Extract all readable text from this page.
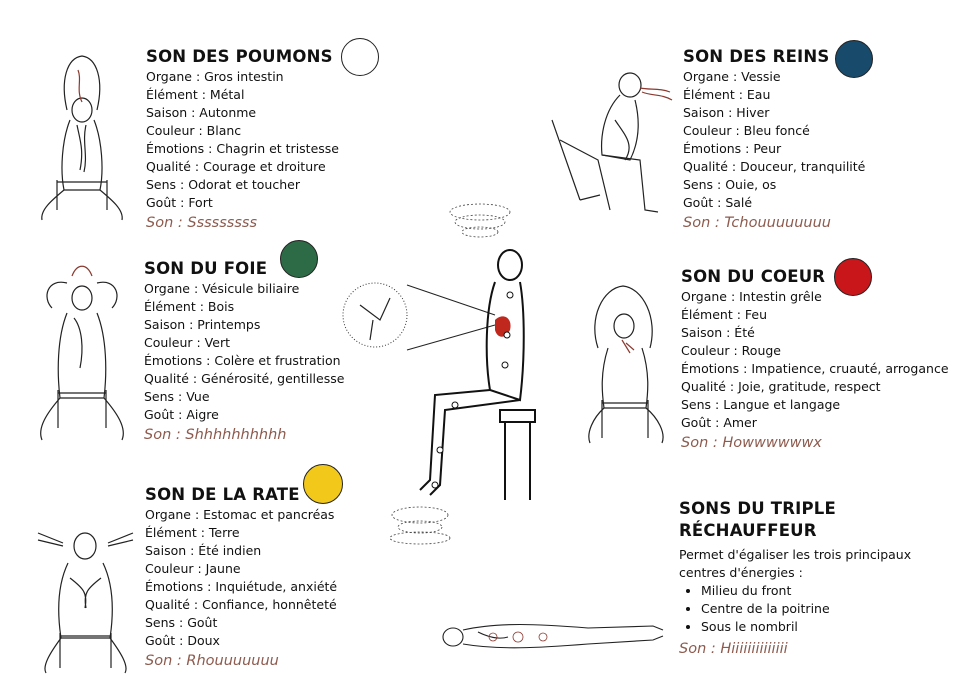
SON DES POUMONS

Organe : Gros intestin

Élément : Métal

Saison : Autonme

Couleur : Blanc

Émotions : Chagrin et tristesse

Qualité : Courage et droiture

Sens : Odorat et toucher

Goût : Fort

Son : Sssssssss

SON DU FOIE

Organe : Vésicule biliaire

Élément : Bois

Saison : Printemps

Couleur : Vert

Émotions : Colère et frustration

Qualité : Générosité, gentillesse

Sens : Vue

Goût : Aigre

Son : Shhhhhhhhhh

SON DE LA RATE

Organe : Estomac et pancréas

Élément : Terre

Saison : Été indien

Couleur : Jaune

Émotions : Inquiétude, anxiété

Qualité : Confiance, honnêteté

Sens : Goût

Goût : Doux

Son : Rhouuuuuuu

SON DES REINS

Organe : Vessie

Élément : Eau

Saison : Hiver

Couleur : Bleu foncé

Émotions : Peur

Qualité : Douceur, tranquilité

Sens : Ouie, os

Goût : Salé

Son : Tchouuuuuuuu

SON DU COEUR

Organe : Intestin grêle

Élément : Feu

Saison : Été

Couleur : Rouge

Émotions : Impatience, cruauté, arrogance

Qualité : Joie, gratitude, respect

Sens : Langue et langage

Goût : Amer

Son : Howwwwwwx

SONS DU TRIPLE

RÉCHAUFFEUR

Permet d'égaliser les trois principaux

centres d'énergies :

• Milieu du front
• Centre de la poitrine
• Sous le nombril

Son : Hiiiiiiiiiiiiii
